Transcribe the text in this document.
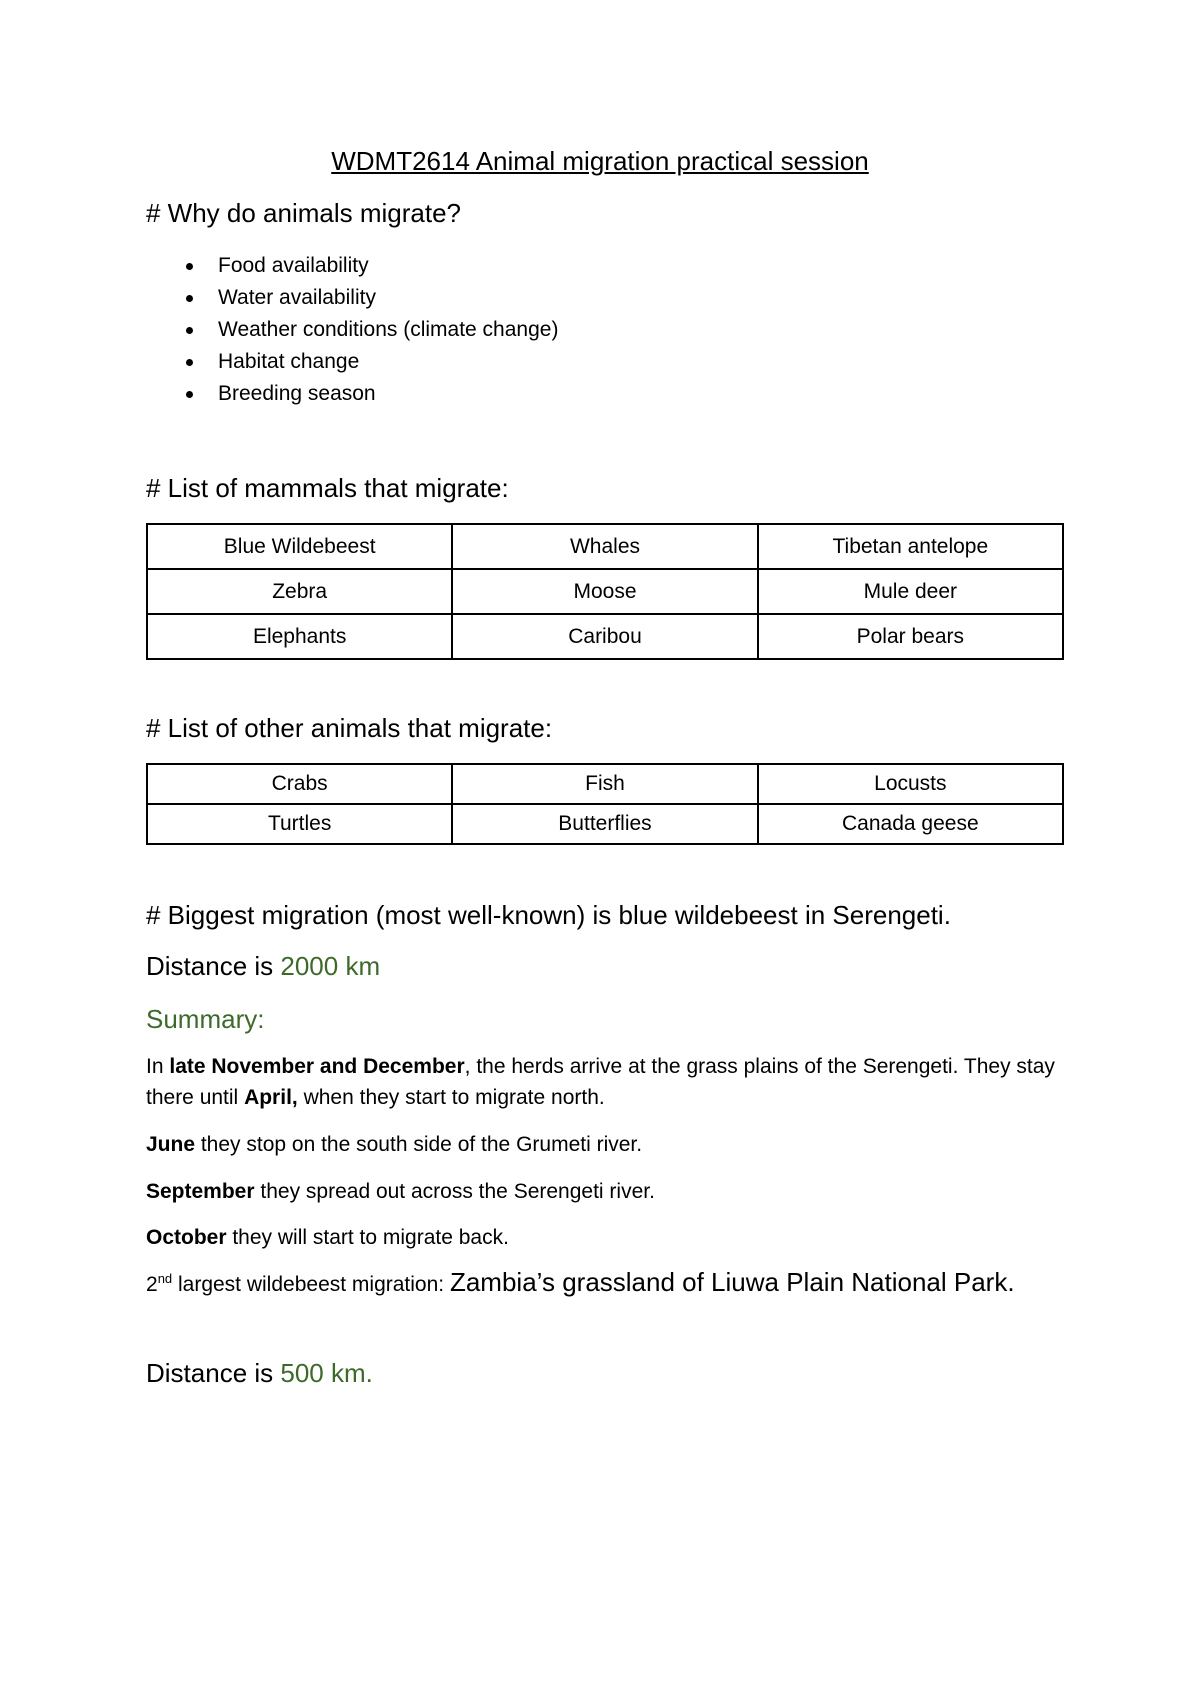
WDMT2614 Animal migration practical session
# Why do animals migrate?
Food availability
Water availability
Weather conditions (climate change)
Habitat change
Breeding season
# List of mammals that migrate:
Blue Wildebeest	Whales	Tibetan antelope
Zebra	Moose	Mule deer
Elephants	Caribou	Polar bears
# List of other animals that migrate:
Crabs	Fish	Locusts
Turtles	Butterflies	Canada geese
# Biggest migration (most well-known) is blue wildebeest in Serengeti.
Distance is 2000 km
Summary:
In late November and December, the herds arrive at the grass plains of the Serengeti. They stay there until April, when they start to migrate north.
June they stop on the south side of the Grumeti river.
September they spread out across the Serengeti river.
October they will start to migrate back.
2nd largest wildebeest migration: Zambia’s grassland of Liuwa Plain National Park.
Distance is 500 km.
